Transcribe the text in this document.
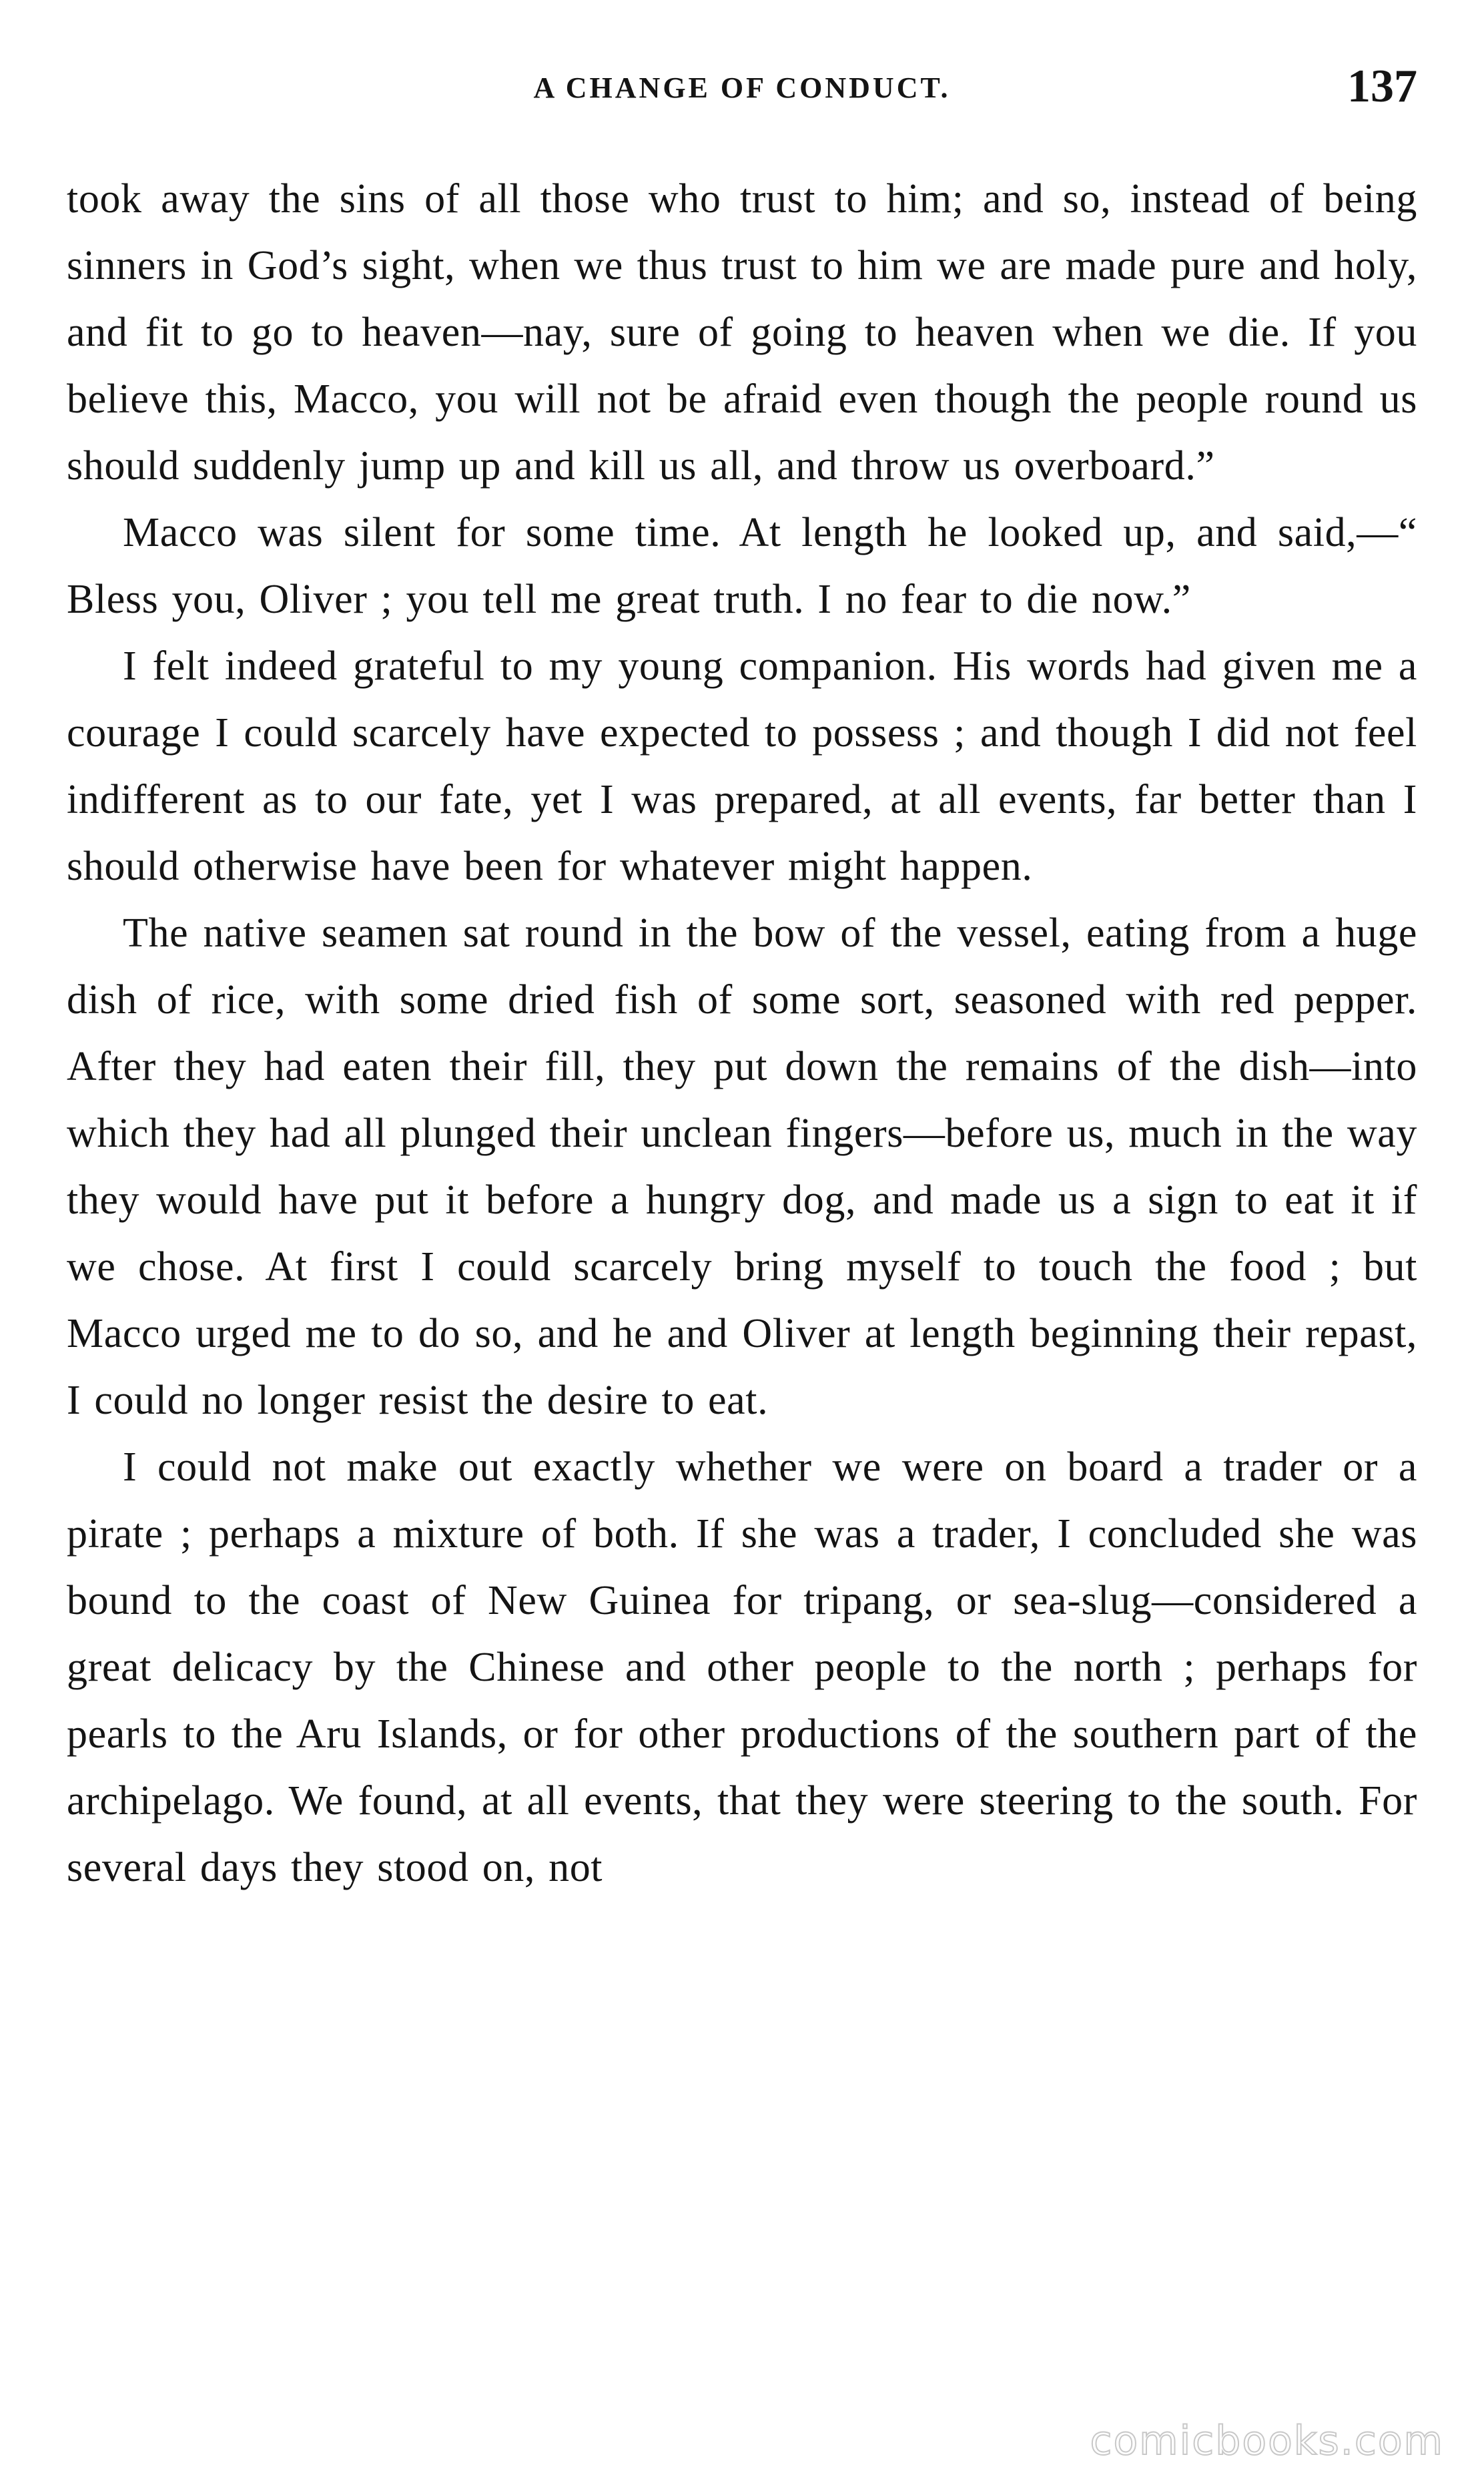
A CHANGE OF CONDUCT.	137

took away the sins of all those who trust to him; and so, instead of being sinners in God’s sight, when we thus trust to him we are made pure and holy, and fit to go to heaven—nay, sure of going to heaven when we die. If you believe this, Macco, you will not be afraid even though the people round us should suddenly jump up and kill us all, and throw us overboard.”

Macco was silent for some time. At length he looked up, and said,—“ Bless you, Oliver ; you tell me great truth. I no fear to die now.”

I felt indeed grateful to my young companion. His words had given me a courage I could scarcely have expected to possess ; and though I did not feel indifferent as to our fate, yet I was prepared, at all events, far better than I should otherwise have been for whatever might happen.

The native seamen sat round in the bow of the vessel, eating from a huge dish of rice, with some dried fish of some sort, seasoned with red pepper. After they had eaten their fill, they put down the remains of the dish—into which they had all plunged their unclean fingers—before us, much in the way they would have put it before a hungry dog, and made us a sign to eat it if we chose. At first I could scarcely bring myself to touch the food ; but Macco urged me to do so, and he and Oliver at length beginning their repast, I could no longer resist the desire to eat.

I could not make out exactly whether we were on board a trader or a pirate ; perhaps a mixture of both. If she was a trader, I concluded she was bound to the coast of New Guinea for tripang, or sea-slug—considered a great delicacy by the Chinese and other people to the north ; perhaps for pearls to the Aru Islands, or for other productions of the southern part of the archipelago. We found, at all events, that they were steering to the south. For several days they stood on, not

comicbooks.com
